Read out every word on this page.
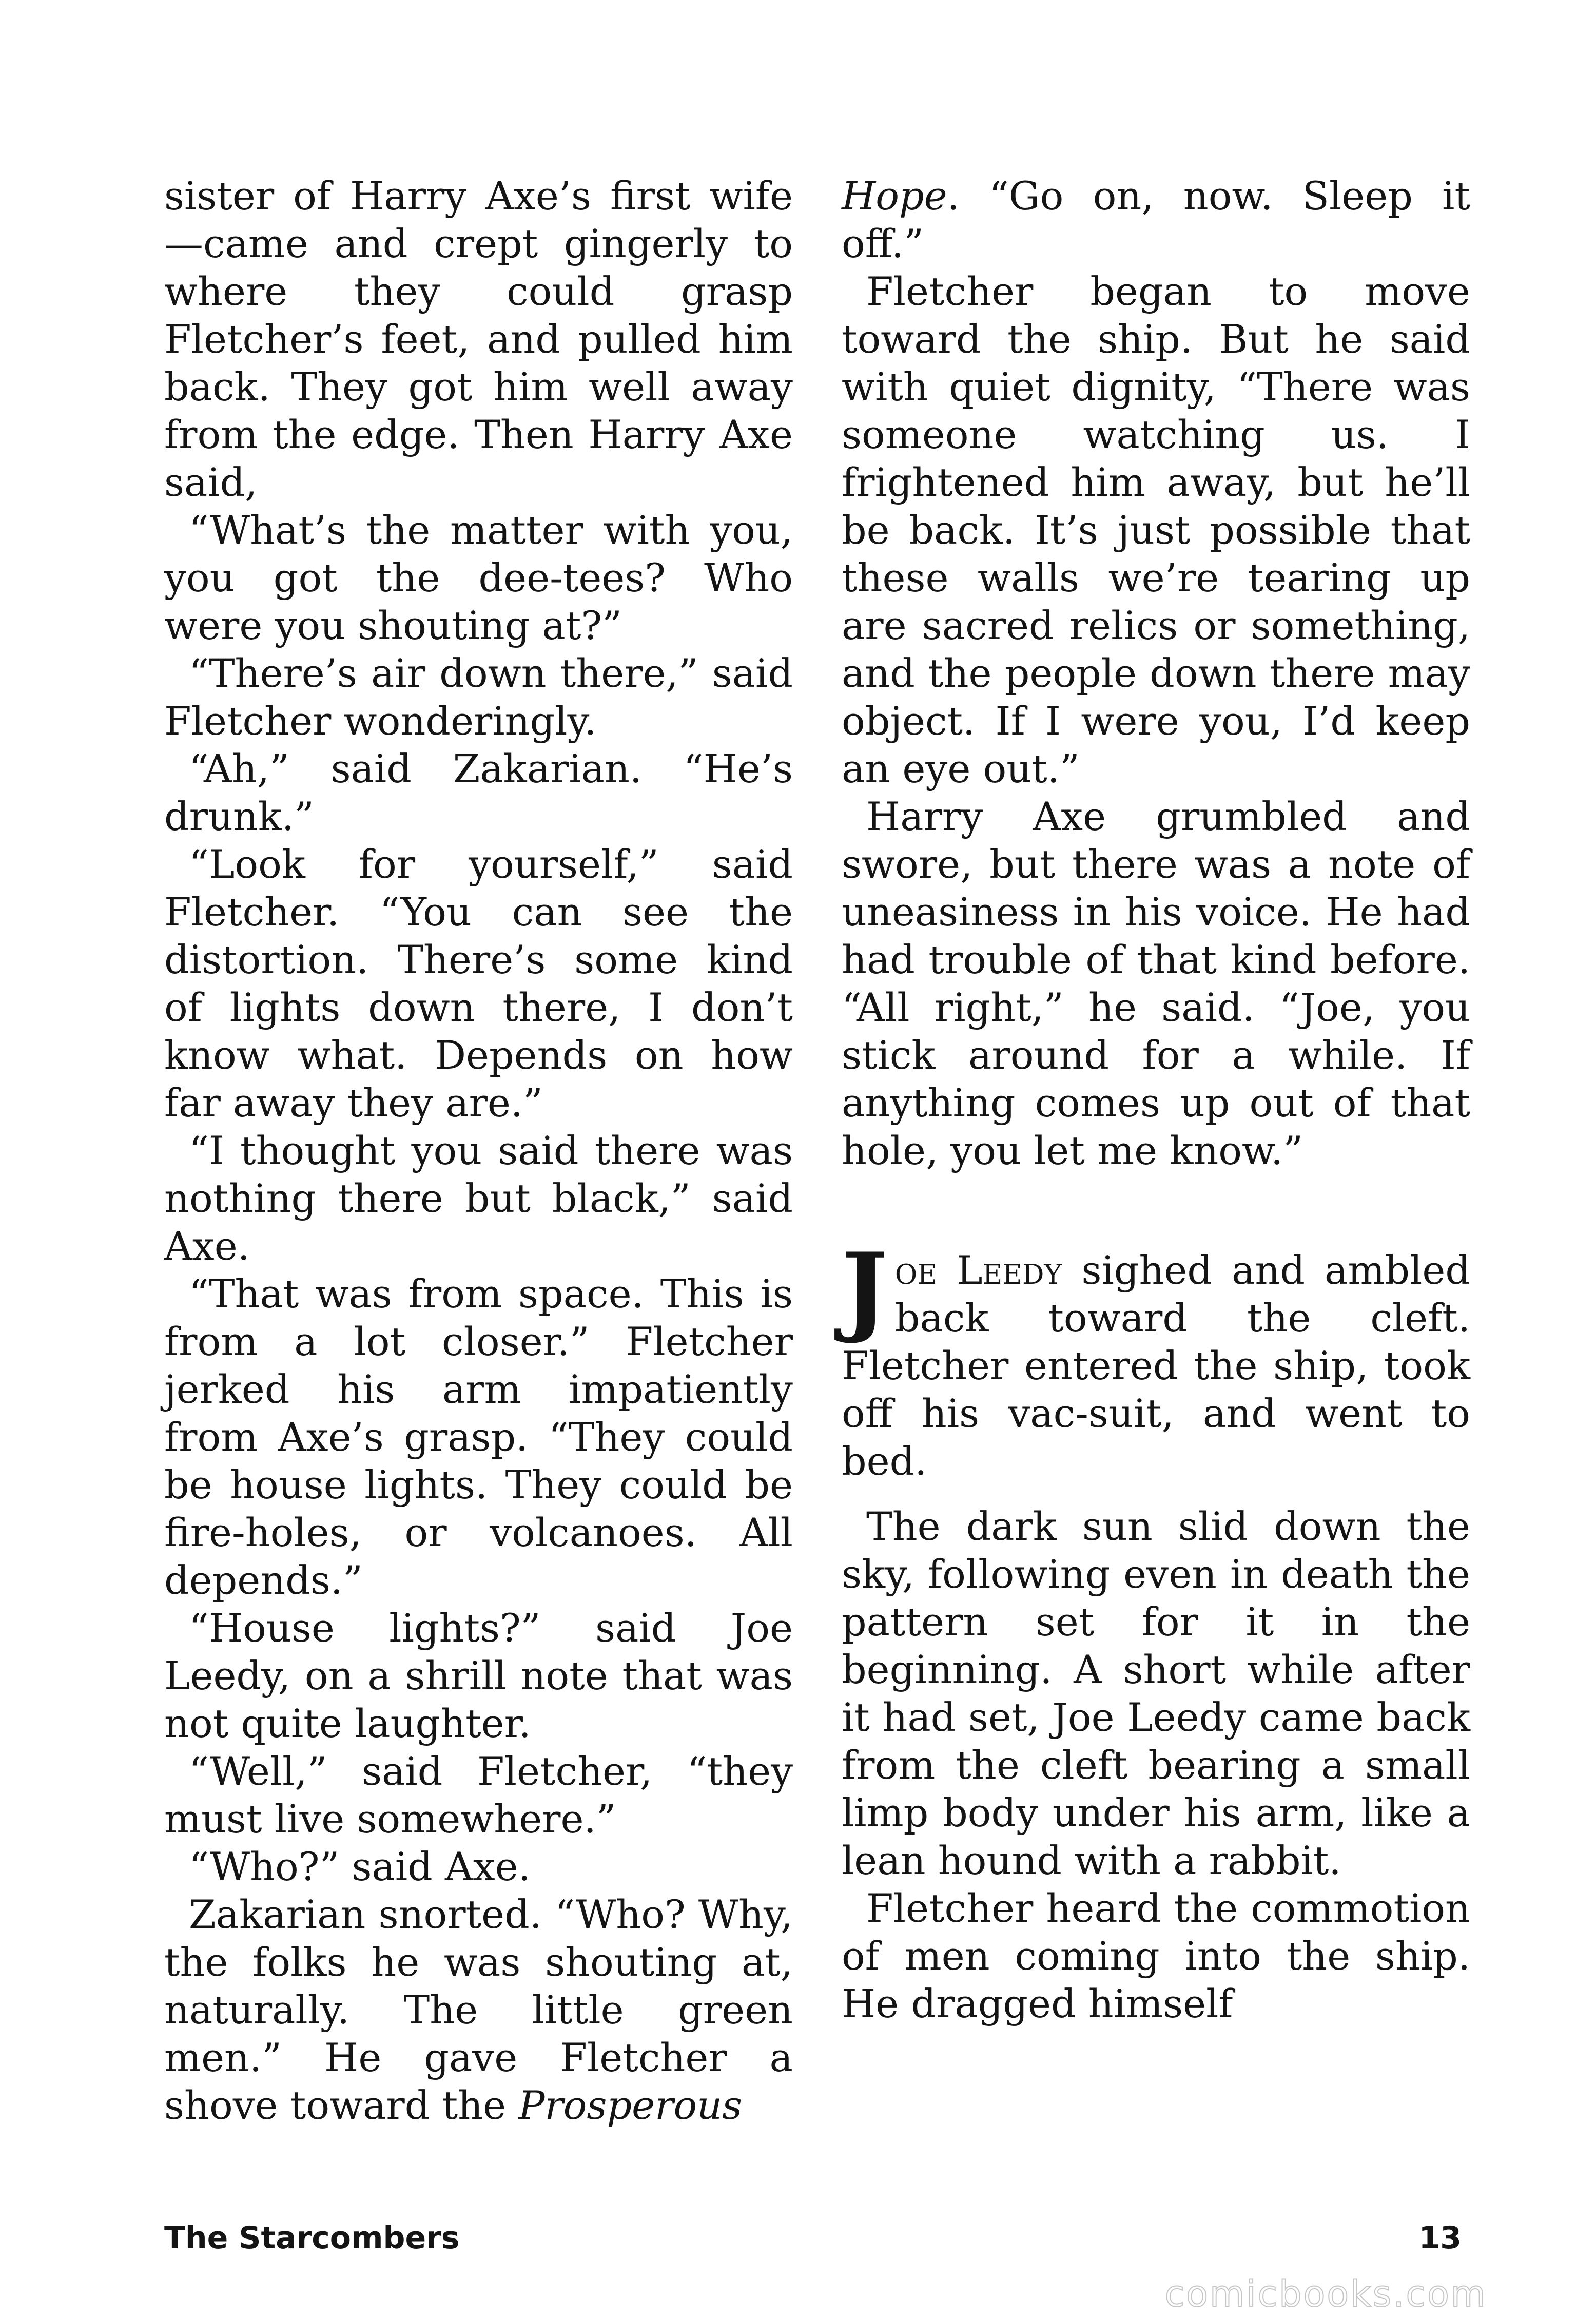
sister of Harry Axe’s first wife—came and crept gingerly to where they could grasp Fletcher’s feet, and pulled him back. They got him well away from the edge. Then Harry Axe said,

“What’s the matter with you, you got the dee-tees? Who were you shouting at?”

“There’s air down there,” said Fletcher wonderingly.

“Ah,” said Zakarian. “He’s drunk.”

“Look for yourself,” said Fletcher. “You can see the distortion. There’s some kind of lights down there, I don’t know what. Depends on how far away they are.”

“I thought you said there was nothing there but black,” said Axe.

“That was from space. This is from a lot closer.” Fletcher jerked his arm impatiently from Axe’s grasp. “They could be house lights. They could be fire-holes, or volcanoes. All depends.”

“House lights?” said Joe Leedy, on a shrill note that was not quite laughter.

“Well,” said Fletcher, “they must live somewhere.”

“Who?” said Axe.

Zakarian snorted. “Who? Why, the folks he was shouting at, naturally. The little green men.” He gave Fletcher a shove toward the Prosperous

Hope. “Go on, now. Sleep it off.”

Fletcher began to move toward the ship. But he said with quiet dignity, “There was someone watching us. I frightened him away, but he’ll be back. It’s just possible that these walls we’re tearing up are sacred relics or something, and the people down there may object. If I were you, I’d keep an eye out.”

Harry Axe grumbled and swore, but there was a note of uneasiness in his voice. He had had trouble of that kind before. “All right,” he said. “Joe, you stick around for a while. If anything comes up out of that hole, you let me know.”

Joe Leedy sighed and ambled back toward the cleft. Fletcher entered the ship, took off his vac-suit, and went to bed.

The dark sun slid down the sky, following even in death the pattern set for it in the beginning. A short while after it had set, Joe Leedy came back from the cleft bearing a small limp body under his arm, like a lean hound with a rabbit.

Fletcher heard the commotion of men coming into the ship. He dragged himself

The Starcombers	13
comicbooks.com
